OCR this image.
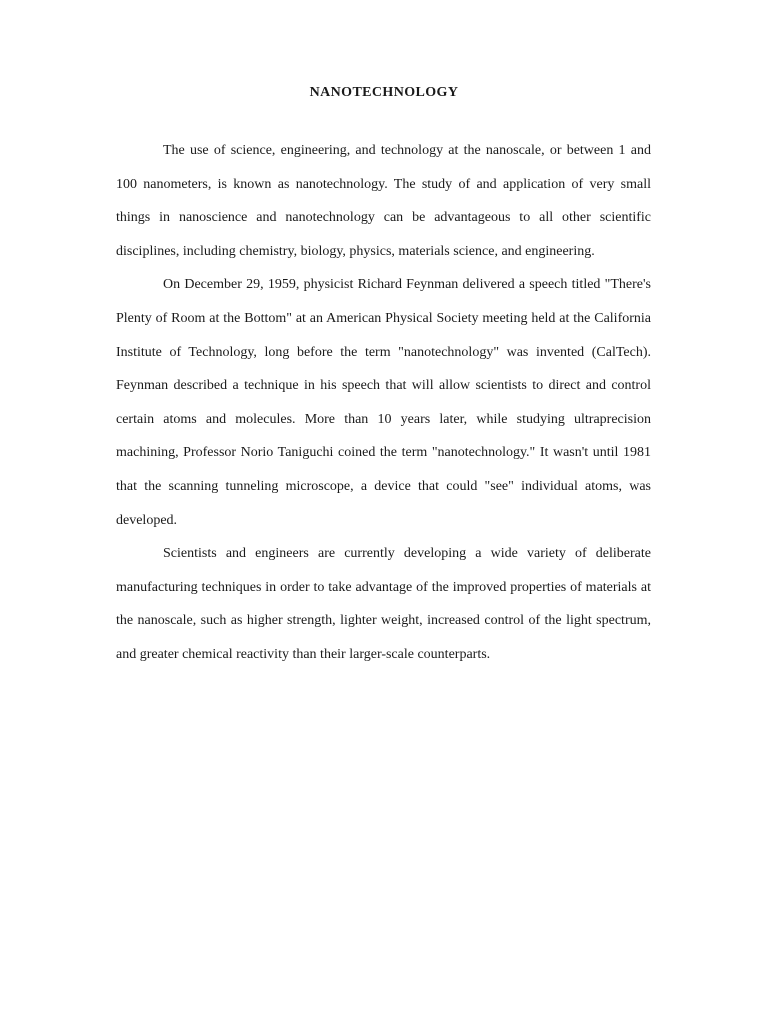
NANOTECHNOLOGY

The use of science, engineering, and technology at the nanoscale, or between 1 and 100 nanometers, is known as nanotechnology. The study of and application of very small things in nanoscience and nanotechnology can be advantageous to all other scientific disciplines, including chemistry, biology, physics, materials science, and engineering.

On December 29, 1959, physicist Richard Feynman delivered a speech titled "There's Plenty of Room at the Bottom" at an American Physical Society meeting held at the California Institute of Technology, long before the term "nanotechnology" was invented (CalTech). Feynman described a technique in his speech that will allow scientists to direct and control certain atoms and molecules. More than 10 years later, while studying ultraprecision machining, Professor Norio Taniguchi coined the term "nanotechnology." It wasn't until 1981 that the scanning tunneling microscope, a device that could "see" individual atoms, was developed.

Scientists and engineers are currently developing a wide variety of deliberate manufacturing techniques in order to take advantage of the improved properties of materials at the nanoscale, such as higher strength, lighter weight, increased control of the light spectrum, and greater chemical reactivity than their larger-scale counterparts.
